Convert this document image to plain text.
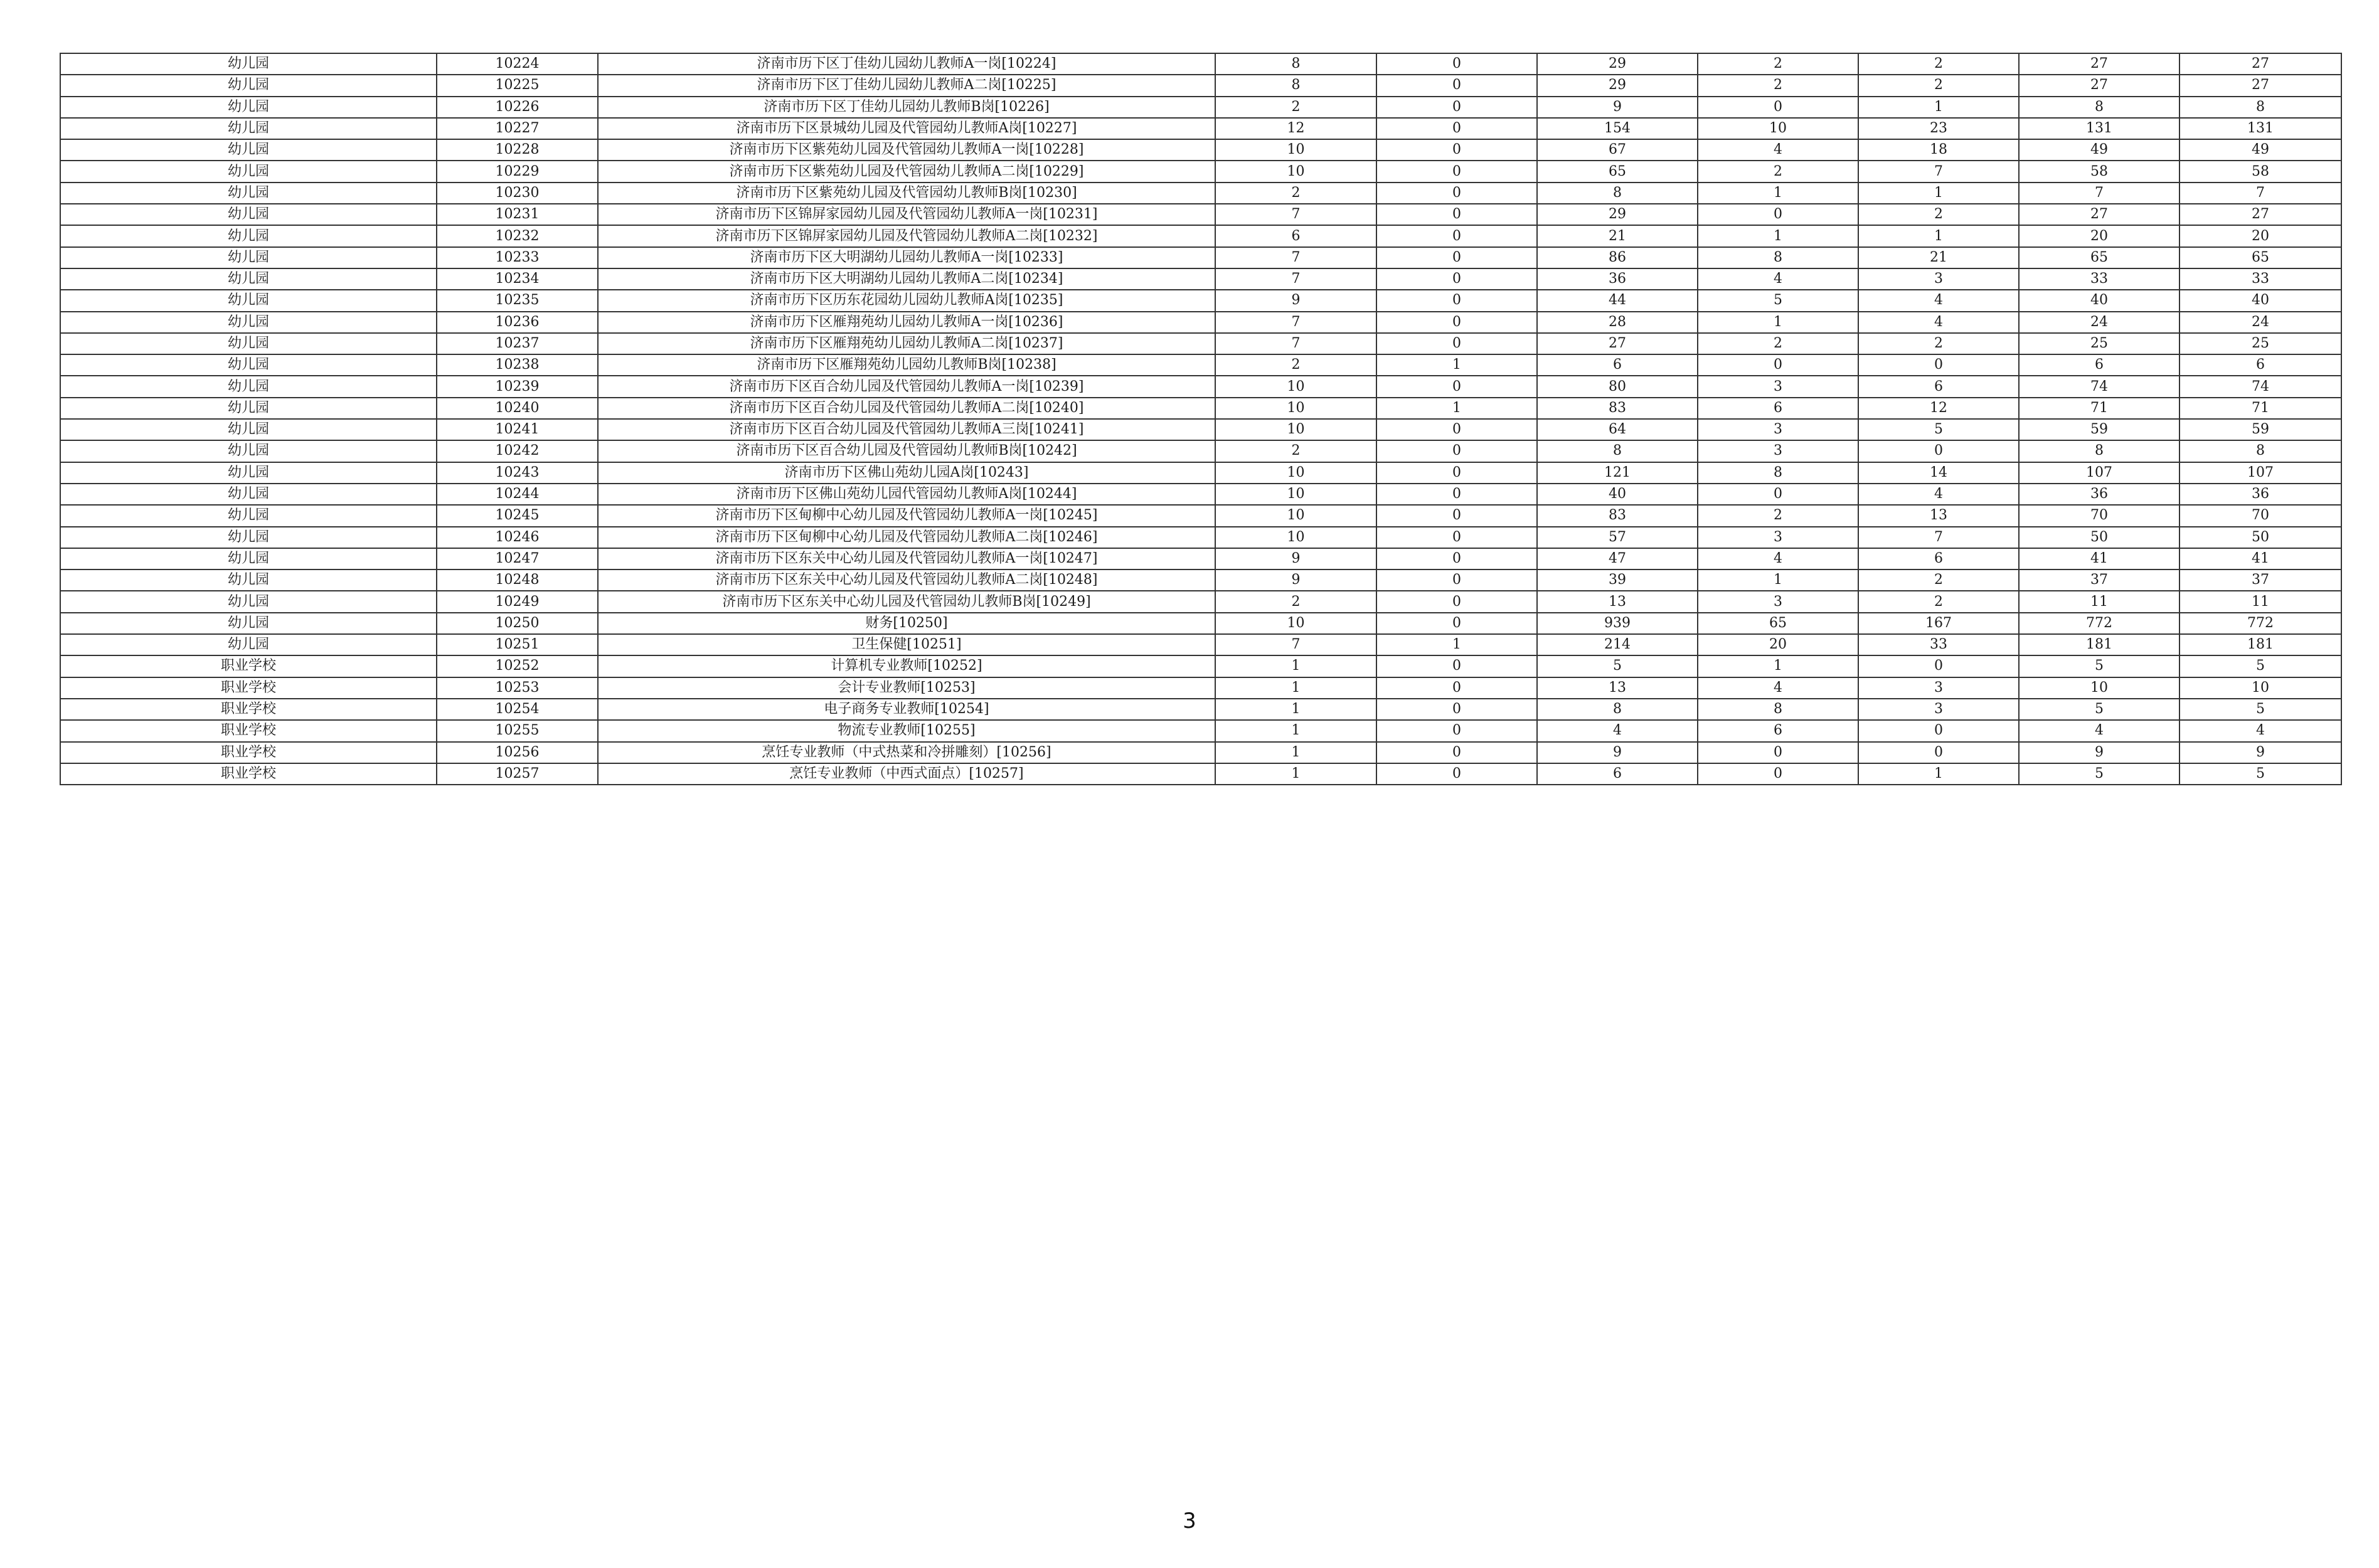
幼儿园	10224	济南市历下区丁佳幼儿园幼儿教师A一岗[10224]	8	0	29	2	2	27	27
幼儿园	10225	济南市历下区丁佳幼儿园幼儿教师A二岗[10225]	8	0	29	2	2	27	27
幼儿园	10226	济南市历下区丁佳幼儿园幼儿教师B岗[10226]	2	0	9	0	1	8	8
幼儿园	10227	济南市历下区景城幼儿园及代管园幼儿教师A岗[10227]	12	0	154	10	23	131	131
幼儿园	10228	济南市历下区紫苑幼儿园及代管园幼儿教师A一岗[10228]	10	0	67	4	18	49	49
幼儿园	10229	济南市历下区紫苑幼儿园及代管园幼儿教师A二岗[10229]	10	0	65	2	7	58	58
幼儿园	10230	济南市历下区紫苑幼儿园及代管园幼儿教师B岗[10230]	2	0	8	1	1	7	7
幼儿园	10231	济南市历下区锦屏家园幼儿园及代管园幼儿教师A一岗[10231]	7	0	29	0	2	27	27
幼儿园	10232	济南市历下区锦屏家园幼儿园及代管园幼儿教师A二岗[10232]	6	0	21	1	1	20	20
幼儿园	10233	济南市历下区大明湖幼儿园幼儿教师A一岗[10233]	7	0	86	8	21	65	65
幼儿园	10234	济南市历下区大明湖幼儿园幼儿教师A二岗[10234]	7	0	36	4	3	33	33
幼儿园	10235	济南市历下区历东花园幼儿园幼儿教师A岗[10235]	9	0	44	5	4	40	40
幼儿园	10236	济南市历下区雁翔苑幼儿园幼儿教师A一岗[10236]	7	0	28	1	4	24	24
幼儿园	10237	济南市历下区雁翔苑幼儿园幼儿教师A二岗[10237]	7	0	27	2	2	25	25
幼儿园	10238	济南市历下区雁翔苑幼儿园幼儿教师B岗[10238]	2	1	6	0	0	6	6
幼儿园	10239	济南市历下区百合幼儿园及代管园幼儿教师A一岗[10239]	10	0	80	3	6	74	74
幼儿园	10240	济南市历下区百合幼儿园及代管园幼儿教师A二岗[10240]	10	1	83	6	12	71	71
幼儿园	10241	济南市历下区百合幼儿园及代管园幼儿教师A三岗[10241]	10	0	64	3	5	59	59
幼儿园	10242	济南市历下区百合幼儿园及代管园幼儿教师B岗[10242]	2	0	8	3	0	8	8
幼儿园	10243	济南市历下区佛山苑幼儿园A岗[10243]	10	0	121	8	14	107	107
幼儿园	10244	济南市历下区佛山苑幼儿园代管园幼儿教师A岗[10244]	10	0	40	0	4	36	36
幼儿园	10245	济南市历下区甸柳中心幼儿园及代管园幼儿教师A一岗[10245]	10	0	83	2	13	70	70
幼儿园	10246	济南市历下区甸柳中心幼儿园及代管园幼儿教师A二岗[10246]	10	0	57	3	7	50	50
幼儿园	10247	济南市历下区东关中心幼儿园及代管园幼儿教师A一岗[10247]	9	0	47	4	6	41	41
幼儿园	10248	济南市历下区东关中心幼儿园及代管园幼儿教师A二岗[10248]	9	0	39	1	2	37	37
幼儿园	10249	济南市历下区东关中心幼儿园及代管园幼儿教师B岗[10249]	2	0	13	3	2	11	11
幼儿园	10250	财务[10250]	10	0	939	65	167	772	772
幼儿园	10251	卫生保健[10251]	7	1	214	20	33	181	181
职业学校	10252	计算机专业教师[10252]	1	0	5	1	0	5	5
职业学校	10253	会计专业教师[10253]	1	0	13	4	3	10	10
职业学校	10254	电子商务专业教师[10254]	1	0	8	8	3	5	5
职业学校	10255	物流专业教师[10255]	1	0	4	6	0	4	4
职业学校	10256	烹饪专业教师（中式热菜和冷拼雕刻）[10256]	1	0	9	0	0	9	9
职业学校	10257	烹饪专业教师（中西式面点）[10257]	1	0	6	0	1	5	5
3
